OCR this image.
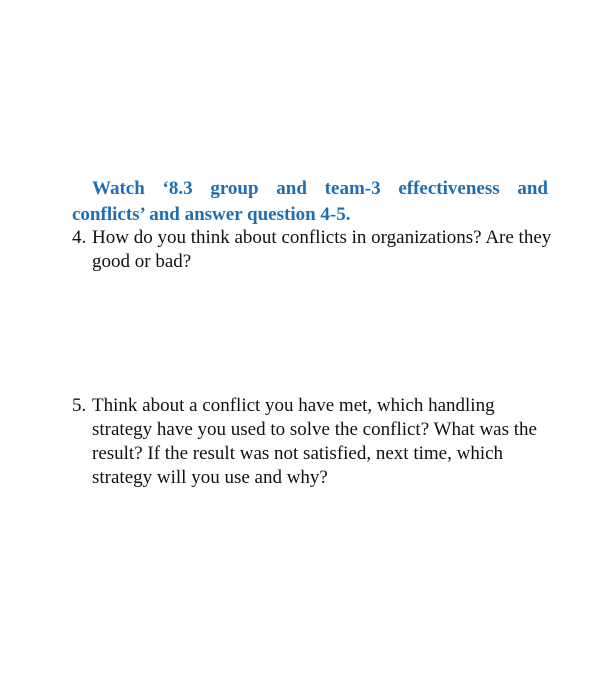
Watch ‘8.3 group and team-3 effectiveness and conflicts’ and answer question 4-5.
4. How do you think about conflicts in organizations? Are they good or bad?
5. Think about a conflict you have met, which handling strategy have you used to solve the conflict? What was the result? If the result was not satisfied, next time, which strategy will you use and why?
